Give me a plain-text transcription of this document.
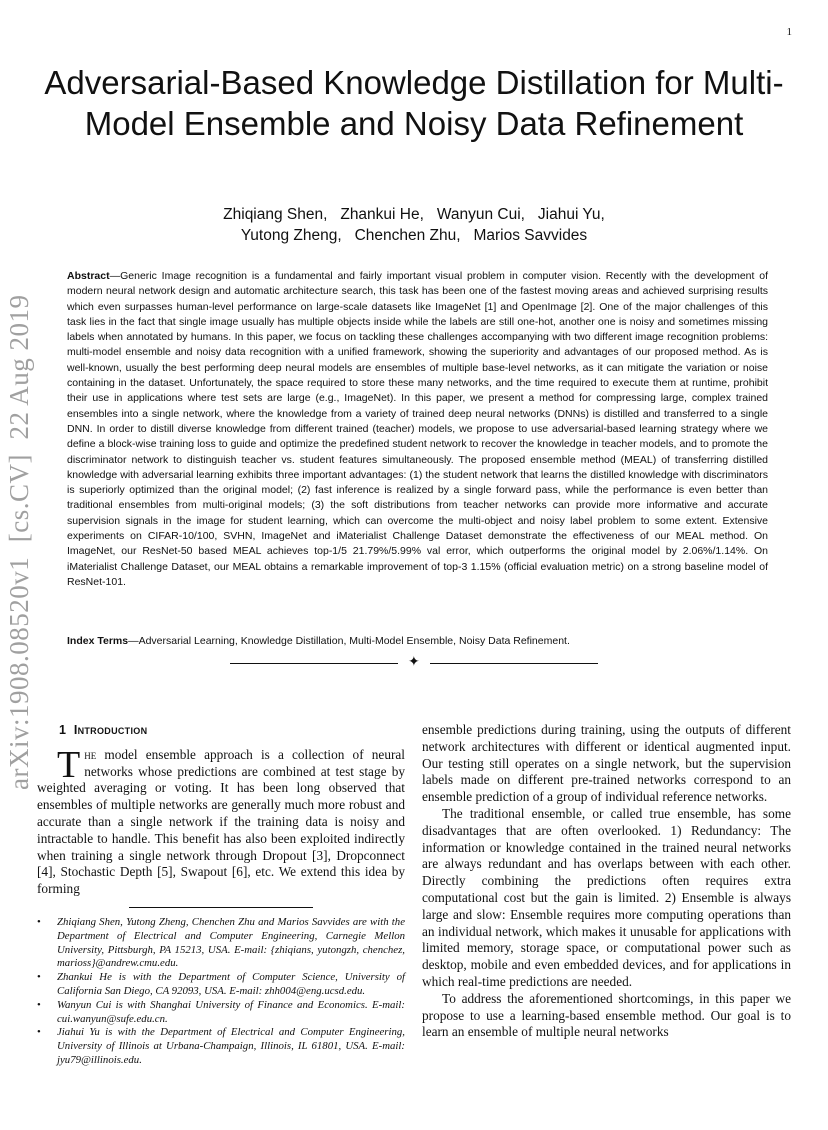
1
Adversarial-Based Knowledge Distillation for Multi-Model Ensemble and Noisy Data Refinement
Zhiqiang Shen,   Zhankui He,   Wanyun Cui,   Jiahui Yu,
Yutong Zheng,   Chenchen Zhu,   Marios Savvides

Abstract—Generic Image recognition is a fundamental and fairly important visual problem in computer vision. Recently with the development of modern neural network design and automatic architecture search, this task has been one of the fastest moving areas and achieved surprising results which even surpasses human-level performance on large-scale datasets like ImageNet [1] and OpenImage [2]. One of the major challenges of this task lies in the fact that single image usually has multiple objects inside while the labels are still one-hot, another one is noisy and sometimes missing labels when annotated by humans. In this paper, we focus on tackling these challenges accompanying with two different image recognition problems: multi-model ensemble and noisy data recognition with a unified framework, showing the superiority and advantages of our proposed method. As is well-known, usually the best performing deep neural models are ensembles of multiple base-level networks, as it can mitigate the variation or noise containing in the dataset. Unfortunately, the space required to store these many networks, and the time required to execute them at runtime, prohibit their use in applications where test sets are large (e.g., ImageNet). In this paper, we present a method for compressing large, complex trained ensembles into a single network, where the knowledge from a variety of trained deep neural networks (DNNs) is distilled and transferred to a single DNN. In order to distill diverse knowledge from different trained (teacher) models, we propose to use adversarial-based learning strategy where we define a block-wise training loss to guide and optimize the predefined student network to recover the knowledge in teacher models, and to promote the discriminator network to distinguish teacher vs. student features simultaneously. The proposed ensemble method (MEAL) of transferring distilled knowledge with adversarial learning exhibits three important advantages: (1) the student network that learns the distilled knowledge with discriminators is superiorly optimized than the original model; (2) fast inference is realized by a single forward pass, while the performance is even better than traditional ensembles from multi-original models; (3) the soft distributions from teacher networks can provide more informative and accurate supervision signals in the image for student learning, which can overcome the multi-object and noisy label problem to some extent. Extensive experiments on CIFAR-10/100, SVHN, ImageNet and iMaterialist Challenge Dataset demonstrate the effectiveness of our MEAL method. On ImageNet, our ResNet-50 based MEAL achieves top-1/5 21.79%/5.99% val error, which outperforms the original model by 2.06%/1.14%. On iMaterialist Challenge Dataset, our MEAL obtains a remarkable improvement of top-3 1.15% (official evaluation metric) on a strong baseline model of ResNet-101.

Index Terms—Adversarial Learning, Knowledge Distillation, Multi-Model Ensemble, Noisy Data Refinement.

✦
arXiv:1908.08520v1  [cs.CV]  22 Aug 2019 1 Introduction

The model ensemble approach is a collection of neural networks whose predictions are combined at test stage by weighted averaging or voting. It has been long observed that ensembles of multiple networks are generally much more robust and accurate than a single network if the training data is noisy and intractable to handle. This benefit has also been exploited indirectly when training a single network through Dropout [3], Dropconnect [4], Stochastic Depth [5], Swapout [6], etc. We extend this idea by forming

• Zhiqiang Shen, Yutong Zheng, Chenchen Zhu and Marios Savvides are with the Department of Electrical and Computer Engineering, Carnegie Mellon University, Pittsburgh, PA 15213, USA. E-mail: {zhiqians, yutongzh, chenchez, marioss}@andrew.cmu.edu.
• Zhankui He is with the Department of Computer Science, University of California San Diego, CA 92093, USA. E-mail: zhh004@eng.ucsd.edu.
• Wanyun Cui is with Shanghai University of Finance and Economics. E-mail: cui.wanyun@sufe.edu.cn.
• Jiahui Yu is with the Department of Electrical and Computer Engineering, University of Illinois at Urbana-Champaign, Illinois, IL 61801, USA. E-mail: jyu79@illinois.edu.

ensemble predictions during training, using the outputs of different network architectures with different or identical augmented input. Our testing still operates on a single network, but the supervision labels made on different pre-trained networks correspond to an ensemble prediction of a group of individual reference networks.

The traditional ensemble, or called true ensemble, has some disadvantages that are often overlooked. 1) Redundancy: The information or knowledge contained in the trained neural networks are always redundant and has overlaps between with each other. Directly combining the predictions often requires extra computational cost but the gain is limited. 2) Ensemble is always large and slow: Ensemble requires more computing operations than an individual network, which makes it unusable for applications with limited memory, storage space, or computational power such as desktop, mobile and even embedded devices, and for applications in which real-time predictions are needed.

To address the aforementioned shortcomings, in this paper we propose to use a learning-based ensemble method. Our goal is to learn an ensemble of multiple neural networks
